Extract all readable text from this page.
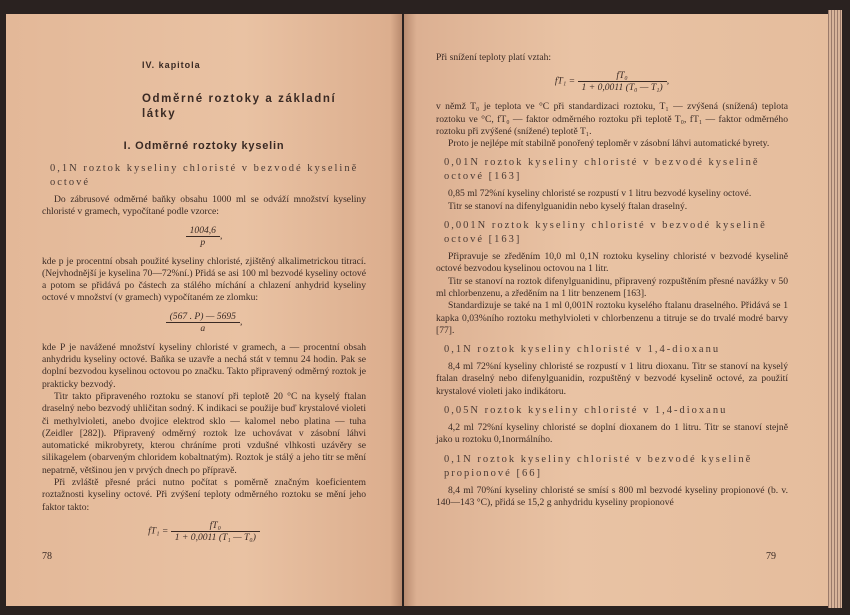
IV. kapitola
Odměrné roztoky a základní látky
I. Odměrné roztoky kyselin
0,1N roztok kyseliny chloristé v bezvodé kyselině octové

Do zábrusové odměrné baňky obsahu 1000 ml se odváží množství kyseliny chloristé v gramech, vypočítané podle vzorce:

$\frac{1004,6}{p}$ ,

kde p je procentní obsah použité kyseliny chloristé, zjištěný alkalimetrickou titrací. (Nejvhodnější je kyselina 70—72%ní.) Přidá se asi 100 ml bezvodé kyseliny octové a potom se přidává po částech za stálého míchání a chlazení anhydrid kyseliny octové v množství (v gramech) vypočítaném ze zlomku:

$\frac{(567 . P) — 5695}{a}$ ,

kde P je navážené množství kyseliny chloristé v gramech, a — procentní obsah anhydridu kyseliny octové. Baňka se uzavře a nechá stát v temnu 24 hodin. Pak se doplní bezvodou kyselinou octovou po značku. Takto připravený odměrný roztok je prakticky bezvodý.

Titr takto připraveného roztoku se stanoví při teplotě 20 °C na kyselý ftalan draselný nebo bezvodý uhličitan sodný. K indikaci se použije buď krystalové violeti či methylvioleti, anebo dvojice elektrod sklo — kalomel nebo platina — tuha (Zeidler [282]). Připravený odměrný roztok lze uchovávat v zásobní láhvi automatické mikrobyrety, kterou chráníme proti vzdušné vlhkosti uzávěry se silikagelem (obarveným chloridem kobaltnatým). Roztok je stálý a jeho titr se mění nepatrně, většinou jen v prvých dnech po přípravě.

Při zvláště přesné práci nutno počítat s poměrně značným koeficientem roztažnosti kyseliny octové. Při zvýšení teploty odměrného roztoku se mění jeho faktor takto:

$fT_1 = \frac{\text{fT₀}}{\text{1 + 0,0011 (T₁ — T₀)}}$
78

Při snížení teploty platí vztah:

$fT_1 = \frac{\text{fT₀}}{\text{1 + 0,0011 (T₀ — T₁)}}$ ,

v němž T₀ je teplota ve °C při standardizaci roztoku, T₁ — zvýšená (snížená) teplota roztoku ve °C, fT₀ — faktor odměrného roztoku při teplotě T₀, fT₁ — faktor odměrného roztoku při zvýšené (snížené) teplotě T₁.

Proto je nejlépe mít stabilně ponořený teploměr v zásobní láhvi automatické byrety.

0,01N roztok kyseliny chloristé v bezvodé kyselině octové [163]

0,85 ml 72%ní kyseliny chloristé se rozpustí v 1 litru bezvodé kyseliny octové.

Titr se stanoví na difenylguanidin nebo kyselý ftalan draselný.

0,001N roztok kyseliny chloristé v bezvodé kyselině octové [163]

Připravuje se zředěním 10,0 ml 0,1N roztoku kyseliny chloristé v bezvodé kyselině octové bezvodou kyselinou octovou na 1 litr.

Titr se stanoví na roztok difenylguanidinu, připravený rozpuštěním přesné navážky v 50 ml chlorbenzenu, a zředěním na 1 litr benzenem [163].

Standardizuje se také na 1 ml 0,001N roztoku kyselého ftalanu draselného. Přidává se 1 kapka 0,03%ního roztoku methylvioleti v chlorbenzenu a titruje se do trvalé modré barvy [77].

0,1N roztok kyseliny chloristé v 1,4-dioxanu

8,4 ml 72%ní kyseliny chloristé se rozpustí v 1 litru dioxanu. Titr se stanoví na kyselý ftalan draselný nebo difenylguanidin, rozpuštěný v bezvodé kyselině octové, za použití krystalové violeti jako indikátoru.

0,05N roztok kyseliny chloristé v 1,4-dioxanu

4,2 ml 72%ní kyseliny chloristé se doplní dioxanem do 1 litru. Titr se stanoví stejně jako u roztoku 0,1normálního.

0,1N roztok kyseliny chloristé v bezvodé kyselině propionové [66]

8,4 ml 70%ní kyseliny chloristé se smísí s 800 ml bezvodé kyseliny propionové (b. v. 140—143 °C), přidá se 15,2 g anhydridu kyseliny propionové

79
